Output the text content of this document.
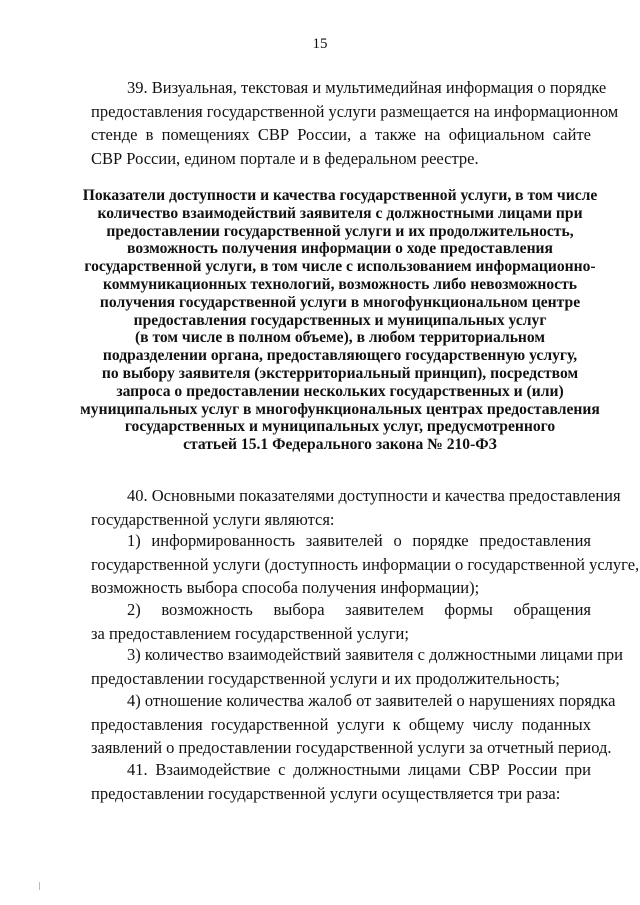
15

39. Визуальная, текстовая и мультимедийная информация о порядке
предоставления государственной услуги размещается на информационном
стенде в помещениях СВР России, а также на официальном сайте
СВР России, едином портале и в федеральном реестре.

Показатели доступности и качества государственной услуги, в том числе
количество взаимодействий заявителя с должностными лицами при
предоставлении государственной услуги и их продолжительность,
возможность получения информации о ходе предоставления
государственной услуги, в том числе с использованием информационно-
коммуникационных технологий, возможность либо невозможность
получения государственной услуги в многофункциональном центре
предоставления государственных и муниципальных услуг
(в том числе в полном объеме), в любом территориальном
подразделении органа, предоставляющего государственную услугу,
по выбору заявителя (экстерриториальный принцип), посредством
запроса о предоставлении нескольких государственных и (или)
муниципальных услуг в многофункциональных центрах предоставления
государственных и муниципальных услуг, предусмотренного
статьей 15.1 Федерального закона № 210-ФЗ

40. Основными показателями доступности и качества предоставления
государственной услуги являются:

1) информированность заявителей о порядке предоставления
государственной услуги (доступность информации о государственной услуге,
возможность выбора способа получения информации);

2) возможность выбора заявителем формы обращения
за предоставлением государственной услуги;

3) количество взаимодействий заявителя с должностными лицами при
предоставлении государственной услуги и их продолжительность;

4) отношение количества жалоб от заявителей о нарушениях порядка
предоставления государственной услуги к общему числу поданных
заявлений о предоставлении государственной услуги за отчетный период.

41. Взаимодействие с должностными лицами СВР России при
предоставлении государственной услуги осуществляется три раза:
